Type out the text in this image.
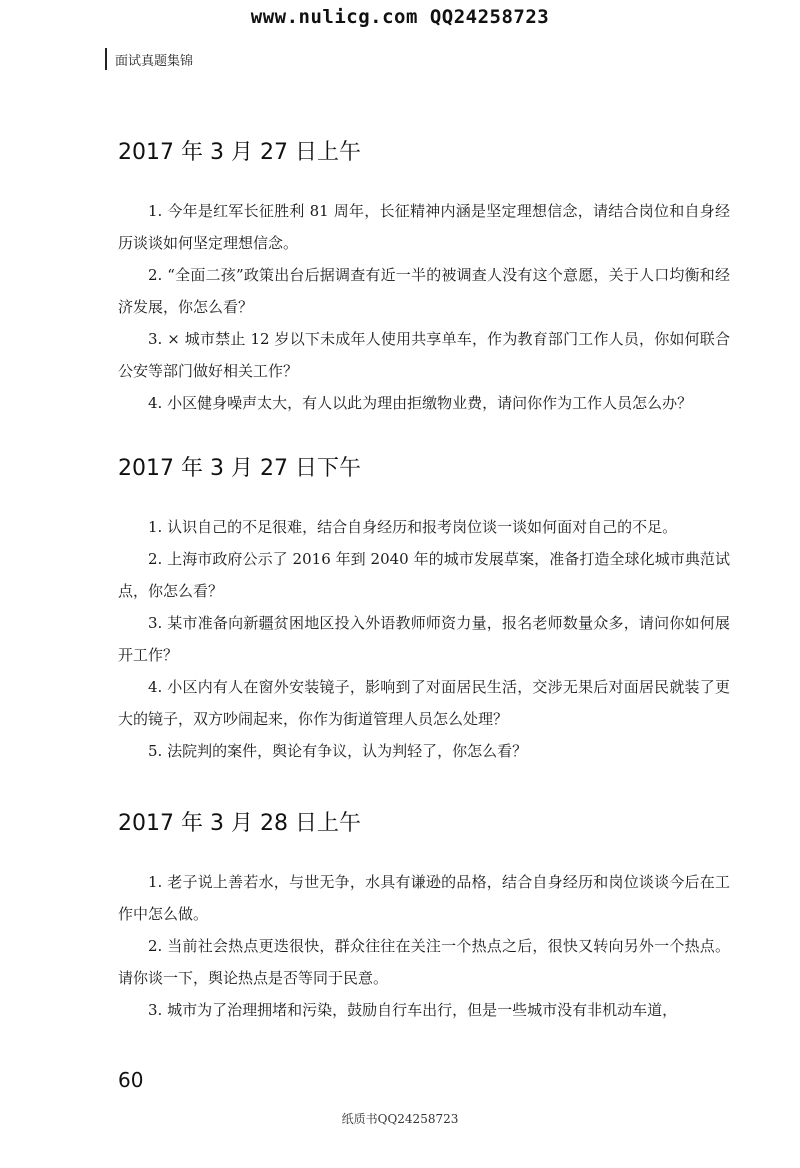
www.nulicg.com QQ24258723
面试真题集锦
2017 年 3 月 27 日上午

1. 今年是红军长征胜利 81 周年，长征精神内涵是坚定理想信念，请结合岗位和自身经历谈谈如何坚定理想信念。

2. “全面二孩”政策出台后据调查有近一半的被调查人没有这个意愿，关于人口均衡和经济发展，你怎么看？

3. × 城市禁止 12 岁以下未成年人使用共享单车，作为教育部门工作人员，你如何联合公安等部门做好相关工作？

4. 小区健身噪声太大，有人以此为理由拒缴物业费，请问你作为工作人员怎么办？

2017 年 3 月 27 日下午

1. 认识自己的不足很难，结合自身经历和报考岗位谈一谈如何面对自己的不足。

2. 上海市政府公示了 2016 年到 2040 年的城市发展草案，准备打造全球化城市典范试点，你怎么看？

3. 某市准备向新疆贫困地区投入外语教师师资力量，报名老师数量众多，请问你如何展开工作？

4. 小区内有人在窗外安装镜子，影响到了对面居民生活，交涉无果后对面居民就装了更大的镜子，双方吵闹起来，你作为街道管理人员怎么处理？

5. 法院判的案件，舆论有争议，认为判轻了，你怎么看？

2017 年 3 月 28 日上午

1. 老子说上善若水，与世无争，水具有谦逊的品格，结合自身经历和岗位谈谈今后在工作中怎么做。

2. 当前社会热点更迭很快，群众往往在关注一个热点之后，很快又转向另外一个热点。请你谈一下，舆论热点是否等同于民意。

3. 城市为了治理拥堵和污染，鼓励自行车出行，但是一些城市没有非机动车道，

60
纸质书QQ24258723
